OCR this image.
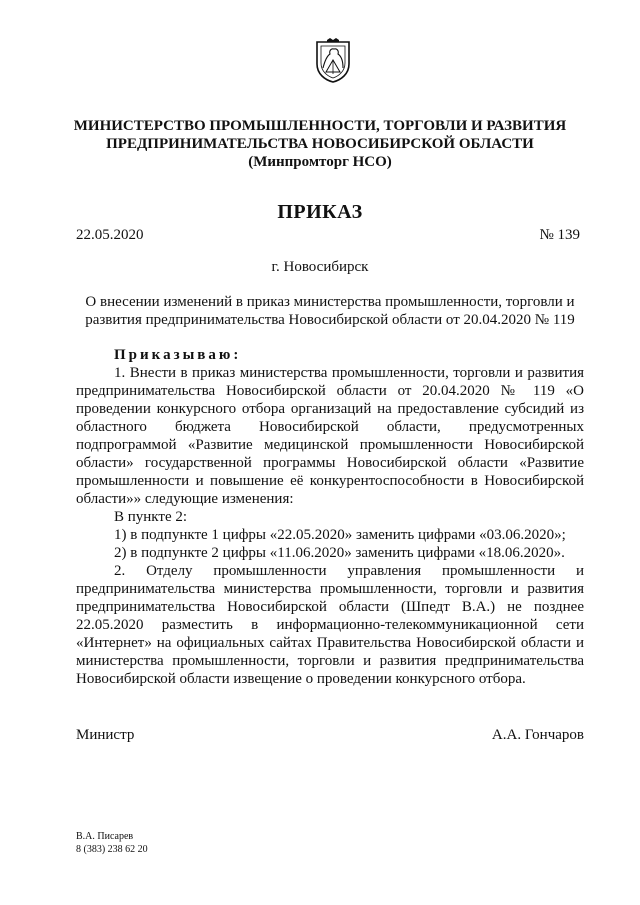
МИНИСТЕРСТВО ПРОМЫШЛЕННОСТИ, ТОРГОВЛИ И РАЗВИТИЯ
ПРЕДПРИНИМАТЕЛЬСТВА НОВОСИБИРСКОЙ ОБЛАСТИ
(Минпромторг НСО)
ПРИКАЗ
22.05.2020	№ 139
г. Новосибирск
О внесении изменений в приказ министерства промышленности, торговли и развития предпринимательства Новосибирской области от 20.04.2020 № 119

Приказываю:

1. Внести в приказ министерства промышленности, торговли и развития предпринимательства Новосибирской области от 20.04.2020 № 119 «О проведении конкурсного отбора организаций на предоставление субсидий из областного бюджета Новосибирской области, предусмотренных подпрограммой «Развитие медицинской промышленности Новосибирской области» государственной программы Новосибирской области «Развитие промышленности и повышение её конкурентоспособности в Новосибирской области»» следующие изменения:

В пункте 2:

1) в подпункте 1 цифры «22.05.2020» заменить цифрами «03.06.2020»;

2) в подпункте 2 цифры «11.06.2020» заменить цифрами «18.06.2020».

2. Отделу промышленности управления промышленности и предпринимательства министерства промышленности, торговли и развития предпринимательства Новосибирской области (Шпедт В.А.) не позднее 22.05.2020 разместить в информационно-телекоммуникационной сети «Интернет» на официальных сайтах Правительства Новосибирской области и министерства промышленности, торговли и развития предпринимательства Новосибирской области извещение о проведении конкурсного отбора.

Министр	А.А. Гончаров
В.А. Писарев
8 (383) 238 62 20
